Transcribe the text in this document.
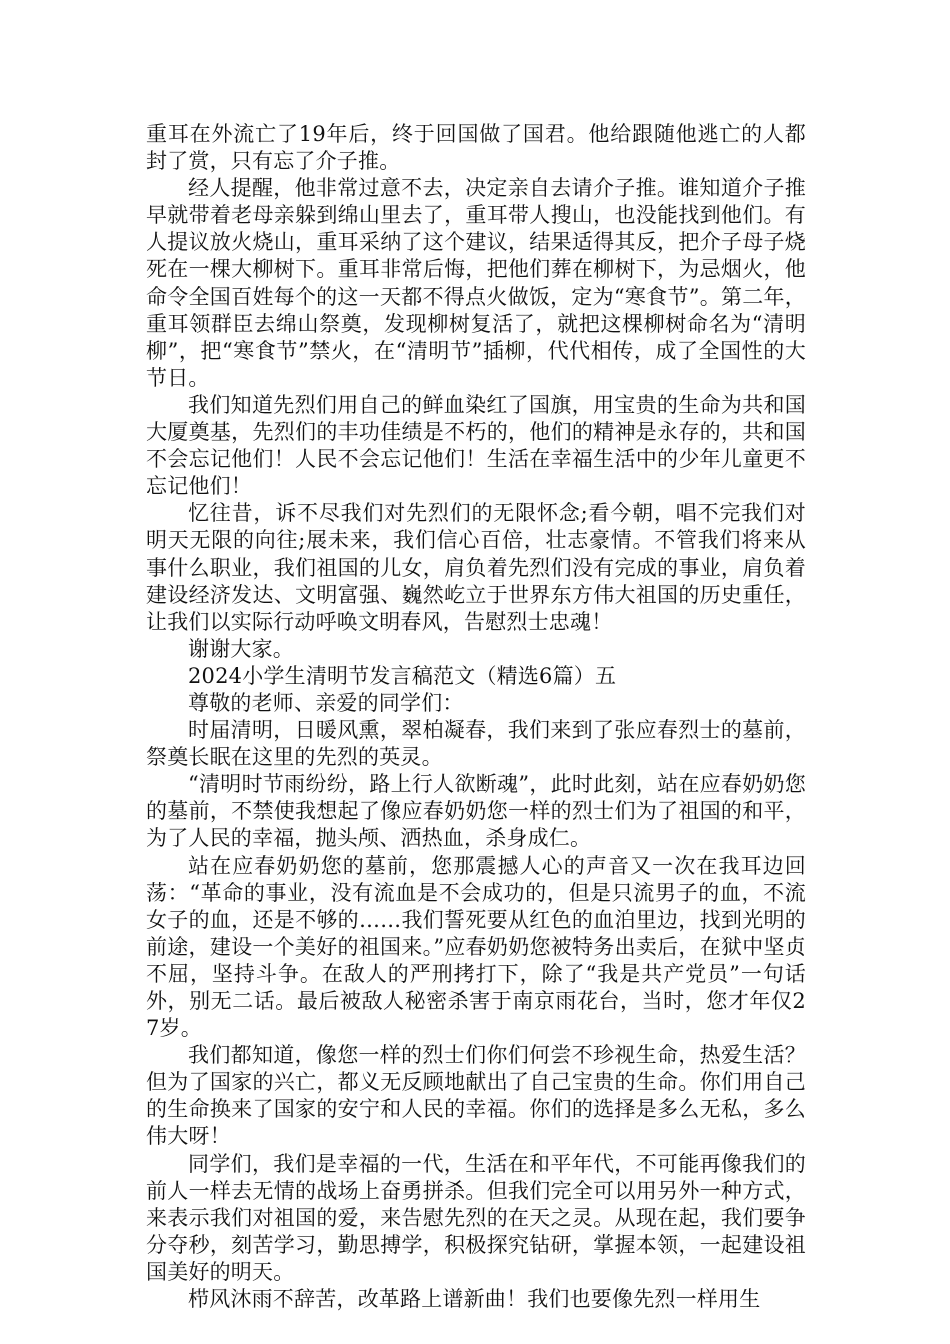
重耳在外流亡了19年后，终于回国做了国君。他给跟随他逃亡的人都封了赏，只有忘了介子推。

经人提醒，他非常过意不去，决定亲自去请介子推。谁知道介子推早就带着老母亲躲到绵山里去了，重耳带人搜山，也没能找到他们。有人提议放火烧山，重耳采纳了这个建议，结果适得其反，把介子母子烧死在一棵大柳树下。重耳非常后悔，把他们葬在柳树下，为忌烟火，他命令全国百姓每个的这一天都不得点火做饭，定为“寒食节”。第二年，重耳领群臣去绵山祭奠，发现柳树复活了，就把这棵柳树命名为“清明柳”，把“寒食节”禁火，在“清明节”插柳，代代相传，成了全国性的大节日。

我们知道先烈们用自己的鲜血染红了国旗，用宝贵的生命为共和国大厦奠基，先烈们的丰功佳绩是不朽的，他们的精神是永存的，共和国不会忘记他们！人民不会忘记他们！生活在幸福生活中的少年儿童更不忘记他们！

忆往昔，诉不尽我们对先烈们的无限怀念;看今朝，唱不完我们对明天无限的向往;展未来，我们信心百倍，壮志豪情。不管我们将来从事什么职业，我们祖国的儿女，肩负着先烈们没有完成的事业，肩负着建设经济发达、文明富强、巍然屹立于世界东方伟大祖国的历史重任，让我们以实际行动呼唤文明春风，告慰烈士忠魂！

谢谢大家。

2024小学生清明节发言稿范文（精选6篇）五

尊敬的老师、亲爱的同学们：

时届清明，日暖风熏，翠柏凝春，我们来到了张应春烈士的墓前，祭奠长眠在这里的先烈的英灵。

“清明时节雨纷纷，路上行人欲断魂”，此时此刻，站在应春奶奶您的墓前，不禁使我想起了像应春奶奶您一样的烈士们为了祖国的和平，为了人民的幸福，抛头颅、洒热血，杀身成仁。

站在应春奶奶您的墓前，您那震撼人心的声音又一次在我耳边回荡：“革命的事业，没有流血是不会成功的，但是只流男子的血，不流女子的血，还是不够的……我们誓死要从红色的血泊里边，找到光明的前途，建设一个美好的祖国来。”应春奶奶您被特务出卖后，在狱中坚贞不屈，坚持斗争。在敌人的严刑拷打下，除了“我是共产党员”一句话外，别无二话。最后被敌人秘密杀害于南京雨花台，当时，您才年仅27岁。

我们都知道，像您一样的烈士们你们何尝不珍视生命，热爱生活？但为了国家的兴亡，都义无反顾地献出了自己宝贵的生命。你们用自己的生命换来了国家的安宁和人民的幸福。你们的选择是多么无私，多么伟大呀！

同学们，我们是幸福的一代，生活在和平年代，不可能再像我们的前人一样去无情的战场上奋勇拼杀。但我们完全可以用另外一种方式，来表示我们对祖国的爱，来告慰先烈的在天之灵。从现在起，我们要争分夺秒，刻苦学习，勤思搏学，积极探究钻研，掌握本领，一起建设祖国美好的明天。

栉风沐雨不辞苦，改革路上谱新曲！我们也要像先烈一样用生
